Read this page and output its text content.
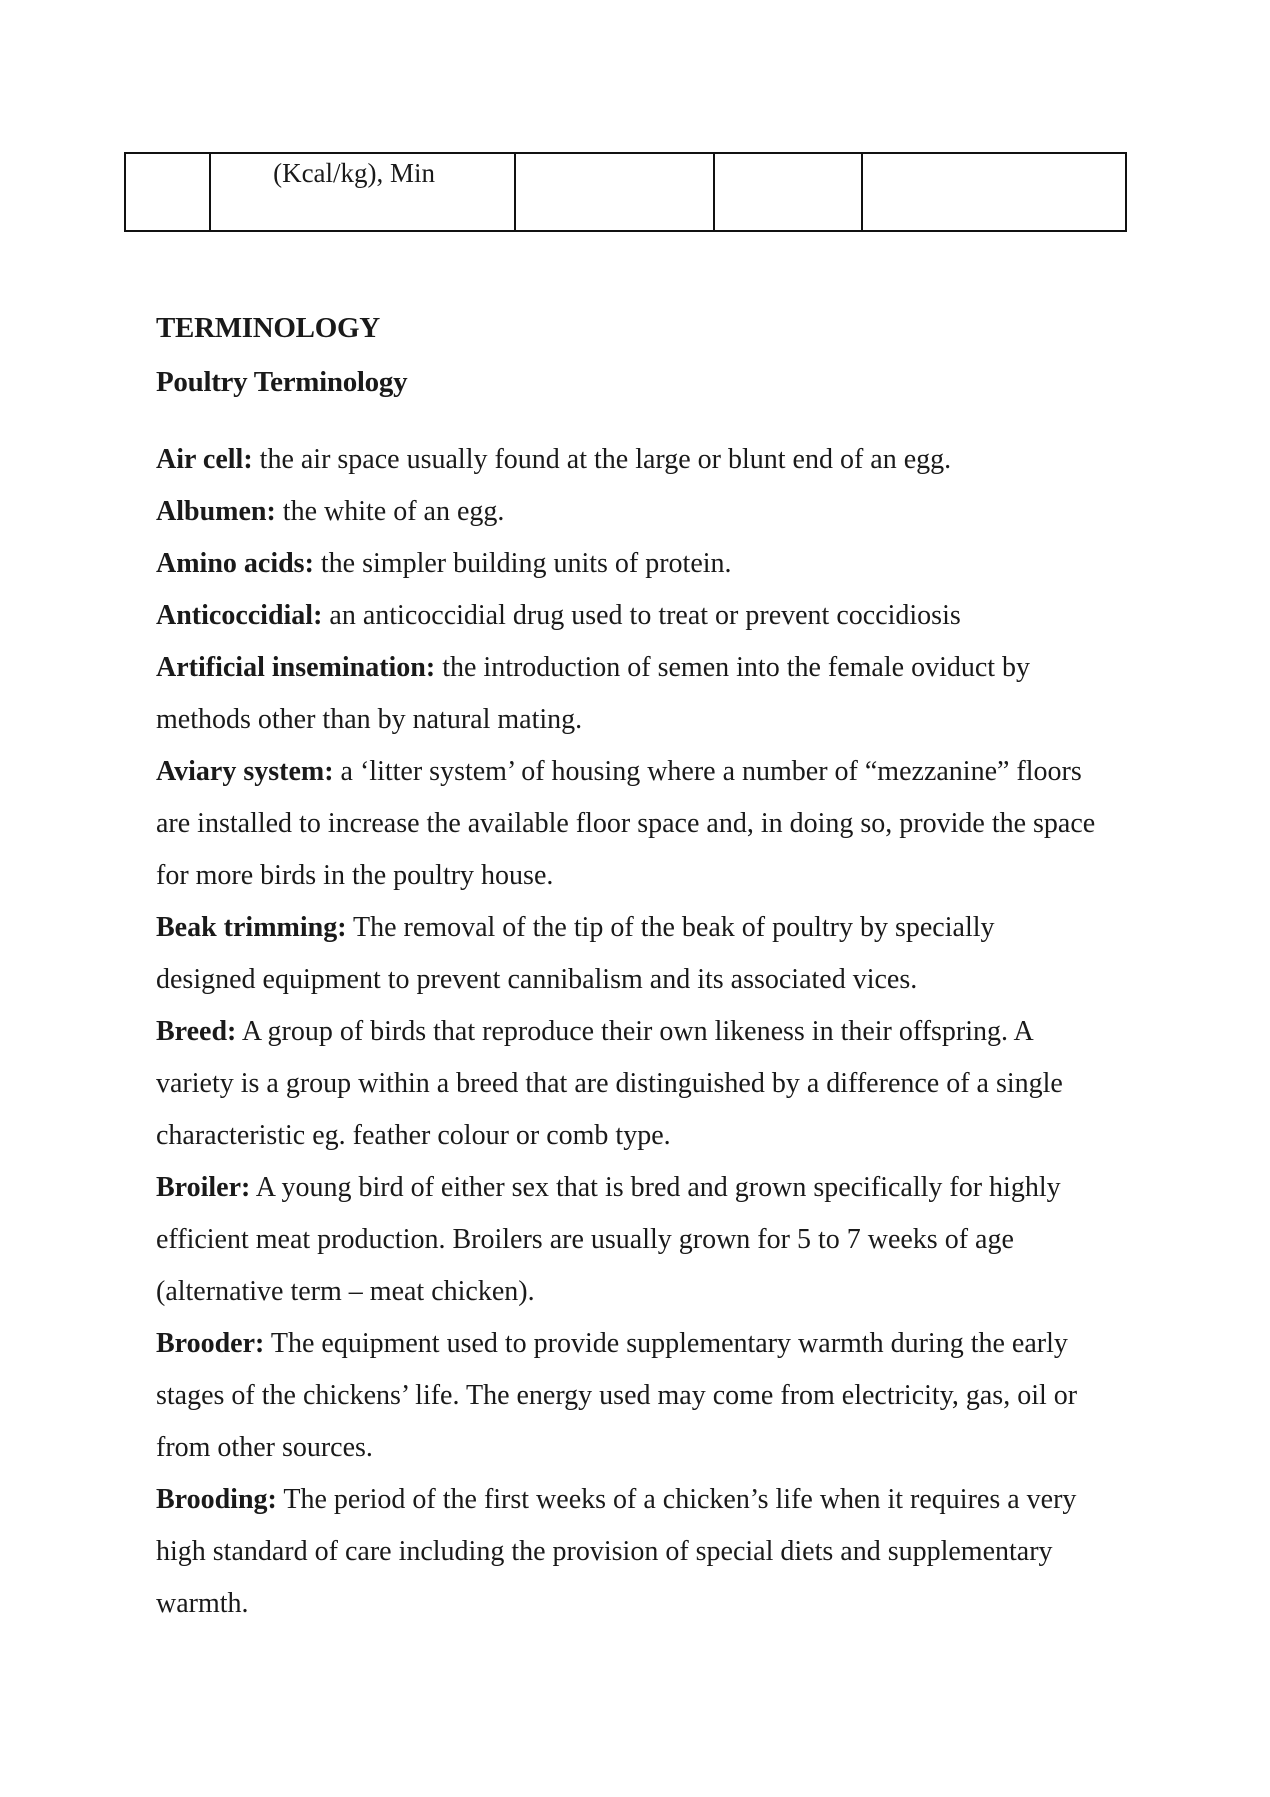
	(Kcal/kg), Min			
TERMINOLOGY
Poultry Terminology

Air cell: the air space usually found at the large or blunt end of an egg.

Albumen: the white of an egg.

Amino acids: the simpler building units of protein.

Anticoccidial: an anticoccidial drug used to treat or prevent coccidiosis

Artificial insemination: the introduction of semen into the female oviduct by methods other than by natural mating.

Aviary system: a ‘litter system’ of housing where a number of “mezzanine” floors are installed to increase the available floor space and, in doing so, provide the space for more birds in the poultry house.

Beak trimming: The removal of the tip of the beak of poultry by specially designed equipment to prevent cannibalism and its associated vices.

Breed: A group of birds that reproduce their own likeness in their offspring. A variety is a group within a breed that are distinguished by a difference of a single characteristic eg. feather colour or comb type.

Broiler: A young bird of either sex that is bred and grown specifically for highly efficient meat production. Broilers are usually grown for 5 to 7 weeks of age (alternative term – meat chicken).

Brooder: The equipment used to provide supplementary warmth during the early stages of the chickens’ life. The energy used may come from electricity, gas, oil or from other sources.

Brooding: The period of the first weeks of a chicken’s life when it requires a very high standard of care including the provision of special diets and supplementary warmth.
